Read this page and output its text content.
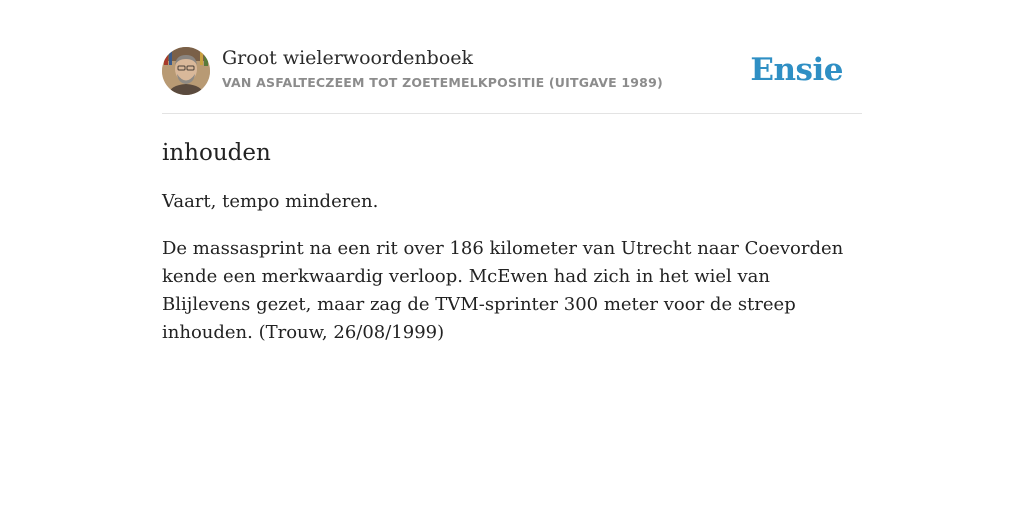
Groot wielerwoordenboek
VAN ASFALTECZEEM TOT ZOETEMELKPOSITIE (UITGAVE 1989)	Ensie
inhouden
Vaart, tempo minderen.
De massasprint na een rit over 186 kilometer van Utrecht naar Coevorden kende een merkwaardig verloop. McEwen had zich in het wiel van Blijlevens gezet, maar zag de TVM-sprinter 300 meter voor de streep inhouden. (Trouw, 26/08/1999)
